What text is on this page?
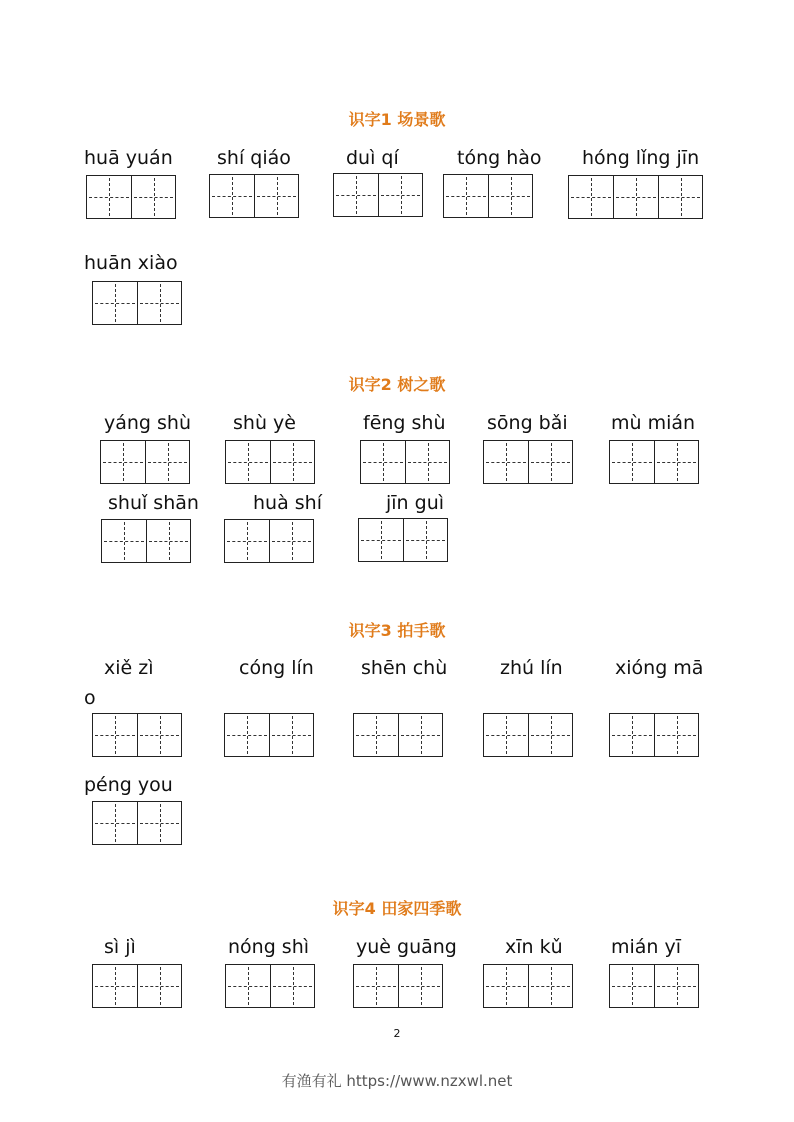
识字1 场景歌
huā yuán shí qiáo	duì qí	tóng hào hóng lǐng jīn
huān xiào
识字2 树之歌
yáng shù shù yè	fēng shù sōng bǎi mù mián
shuǐ shān	huà shí	jīn guì
识字3 拍手歌
xiě zì	cóng lín shēn chù	zhú lín	xióng mā
o
péng you
识字4 田家四季歌
sì jì	nóng shì yuè guāng	xīn kǔ	mián yī
2
有渔有礼 https://www.nzxwl.net
